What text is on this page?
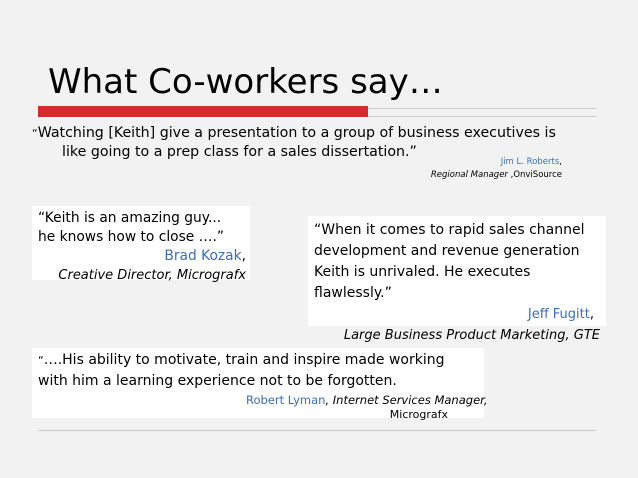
What Co-workers say…
“Watching [Keith] give a presentation to a group of business executives is
like going to a prep class for a sales dissertation.”
Jim L. Roberts,
Regional Manager ,OnviSource
“Keith is an amazing guy...
he knows how to close ….”
Brad Kozak,
Creative Director, Micrografx
“When it comes to rapid sales channel
development and revenue generation
Keith is unrivaled. He executes
flawlessly.”
Jeff Fugitt,
Large Business Product Marketing, GTE
“….His ability to motivate, train and inspire made working
with him a learning experience not to be forgotten.
Robert Lyman, Internet Services Manager,
Micrografx
